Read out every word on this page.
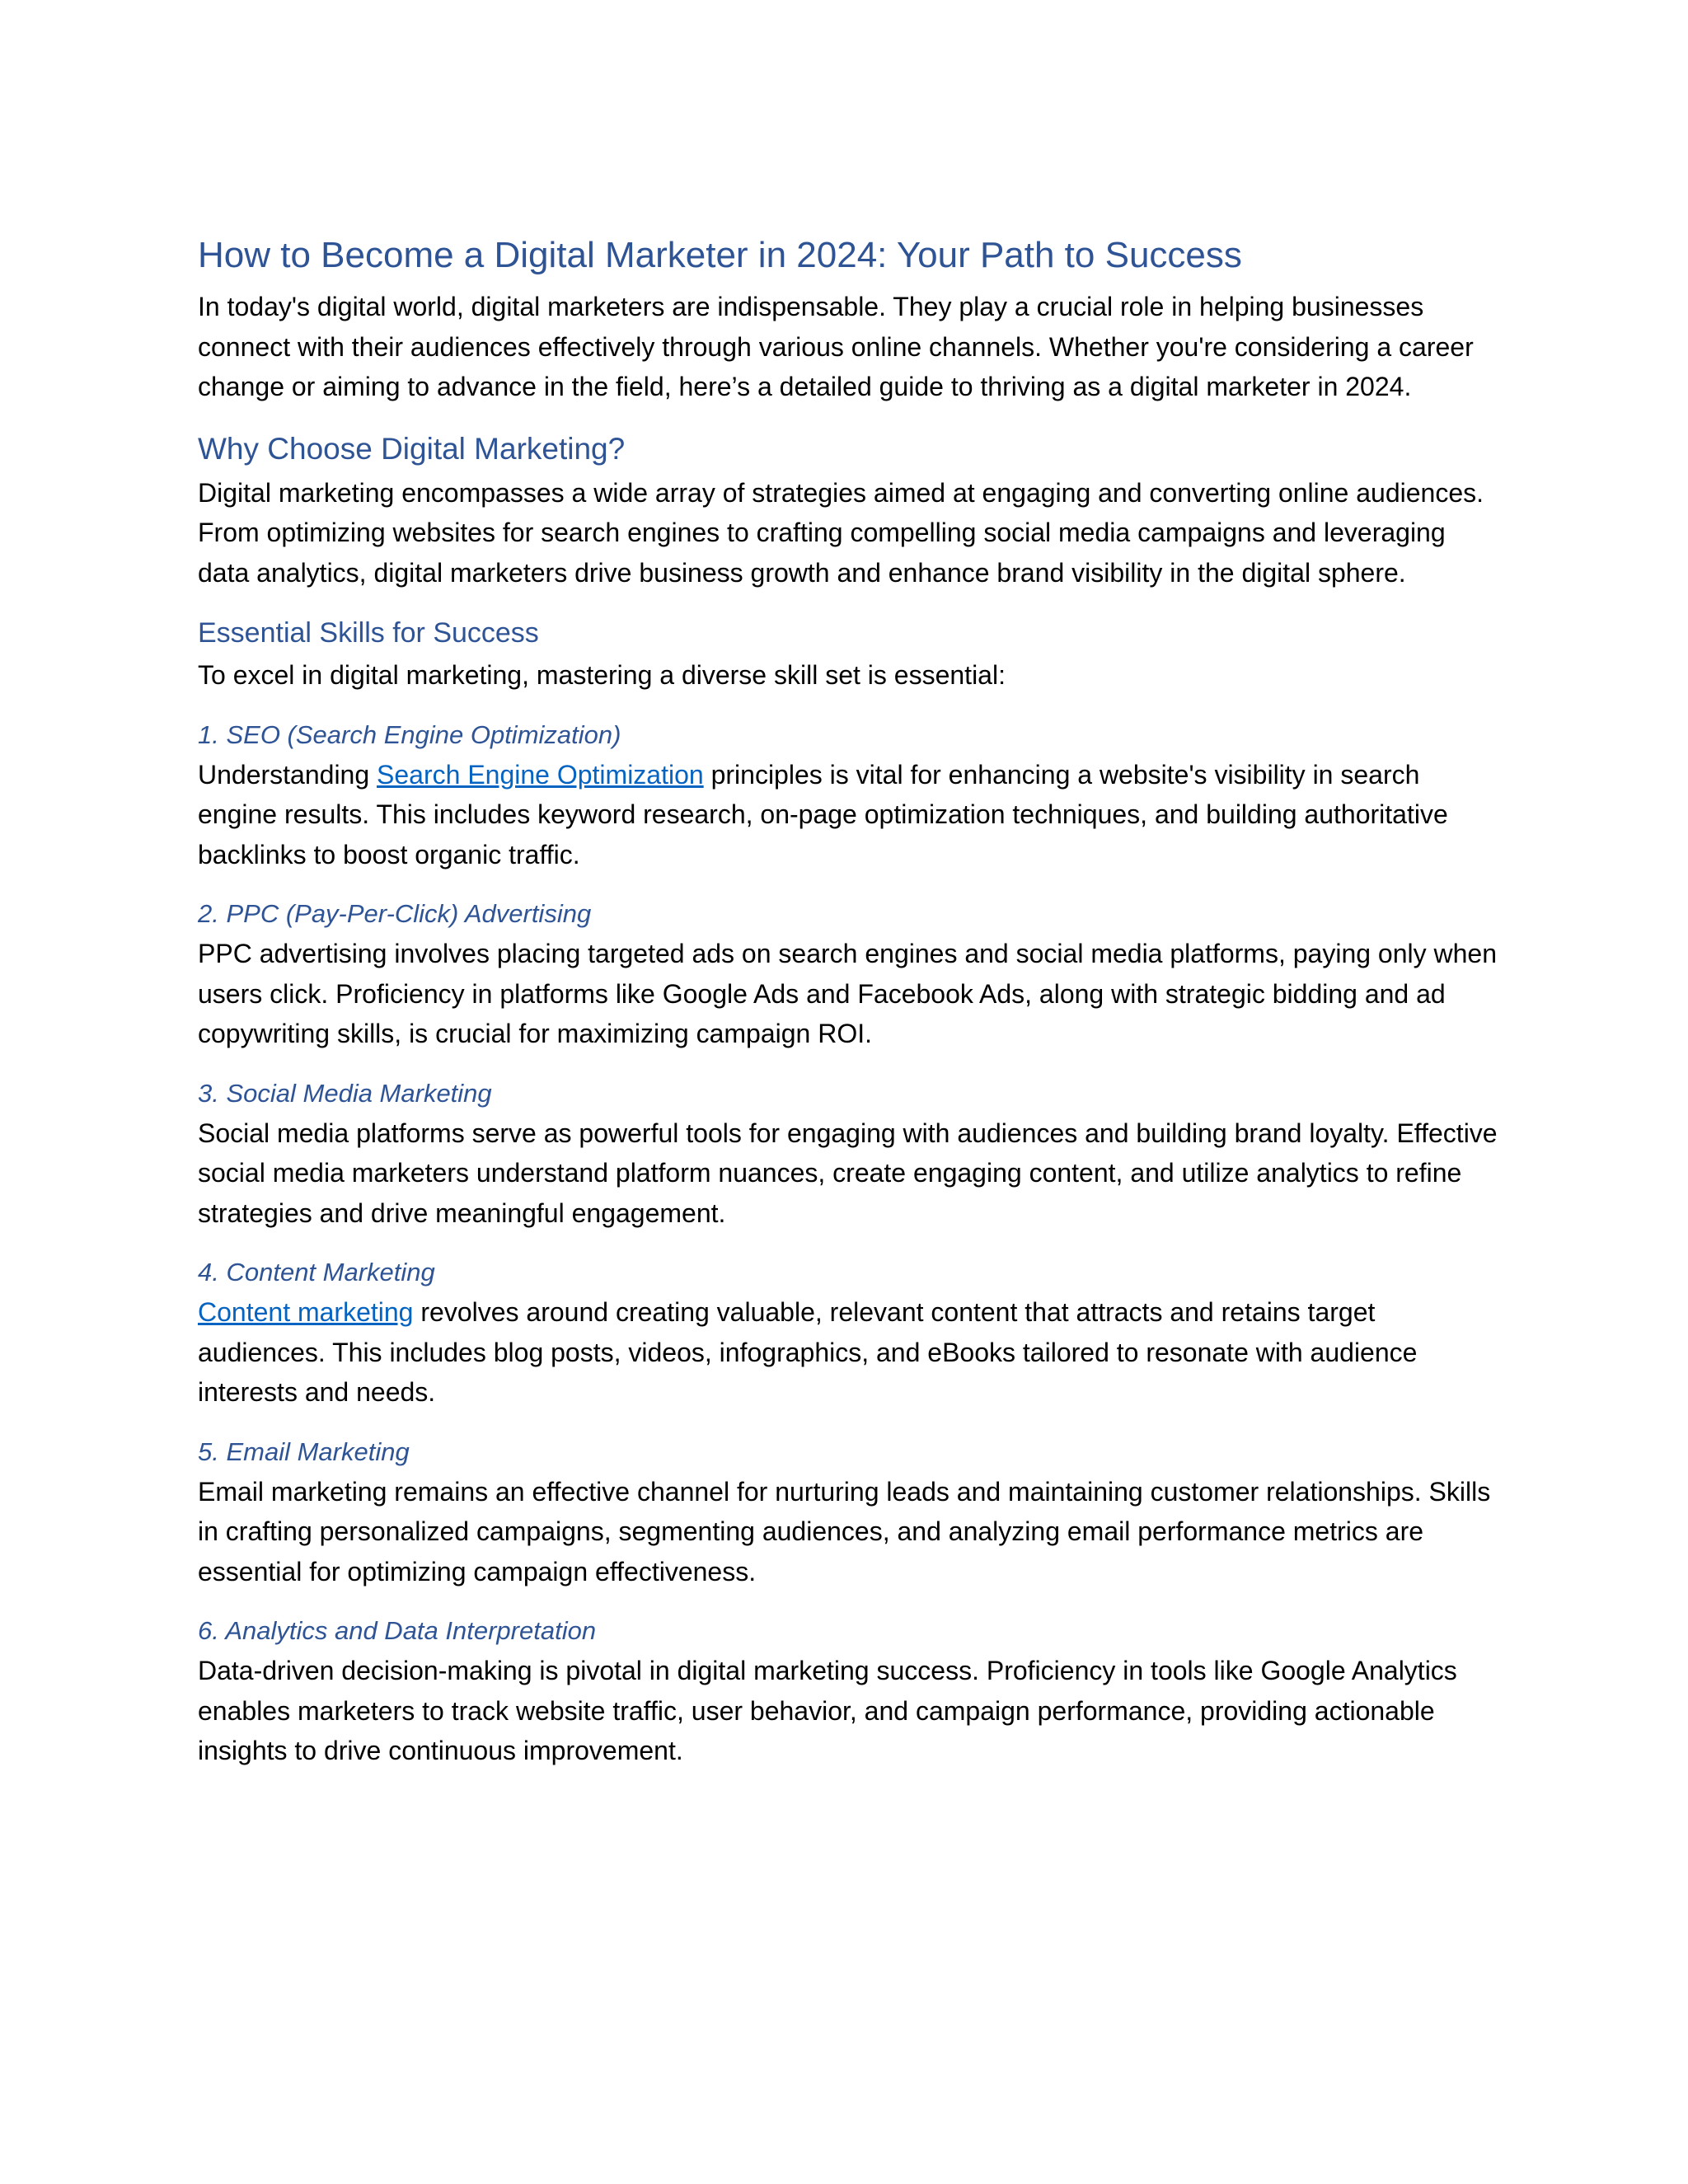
How to Become a Digital Marketer in 2024: Your Path to Success

In today's digital world, digital marketers are indispensable. They play a crucial role in helping businesses connect with their audiences effectively through various online channels. Whether you're considering a career change or aiming to advance in the field, here’s a detailed guide to thriving as a digital marketer in 2024.

Why Choose Digital Marketing?

Digital marketing encompasses a wide array of strategies aimed at engaging and converting online audiences. From optimizing websites for search engines to crafting compelling social media campaigns and leveraging data analytics, digital marketers drive business growth and enhance brand visibility in the digital sphere.

Essential Skills for Success

To excel in digital marketing, mastering a diverse skill set is essential:

1. SEO (Search Engine Optimization)

Understanding Search Engine Optimization principles is vital for enhancing a website's visibility in search engine results. This includes keyword research, on-page optimization techniques, and building authoritative backlinks to boost organic traffic.

2. PPC (Pay-Per-Click) Advertising

PPC advertising involves placing targeted ads on search engines and social media platforms, paying only when users click. Proficiency in platforms like Google Ads and Facebook Ads, along with strategic bidding and ad copywriting skills, is crucial for maximizing campaign ROI.

3. Social Media Marketing

Social media platforms serve as powerful tools for engaging with audiences and building brand loyalty. Effective social media marketers understand platform nuances, create engaging content, and utilize analytics to refine strategies and drive meaningful engagement.

4. Content Marketing

Content marketing revolves around creating valuable, relevant content that attracts and retains target audiences. This includes blog posts, videos, infographics, and eBooks tailored to resonate with audience interests and needs.

5. Email Marketing

Email marketing remains an effective channel for nurturing leads and maintaining customer relationships. Skills in crafting personalized campaigns, segmenting audiences, and analyzing email performance metrics are essential for optimizing campaign effectiveness.

6. Analytics and Data Interpretation

Data-driven decision-making is pivotal in digital marketing success. Proficiency in tools like Google Analytics enables marketers to track website traffic, user behavior, and campaign performance, providing actionable insights to drive continuous improvement.
